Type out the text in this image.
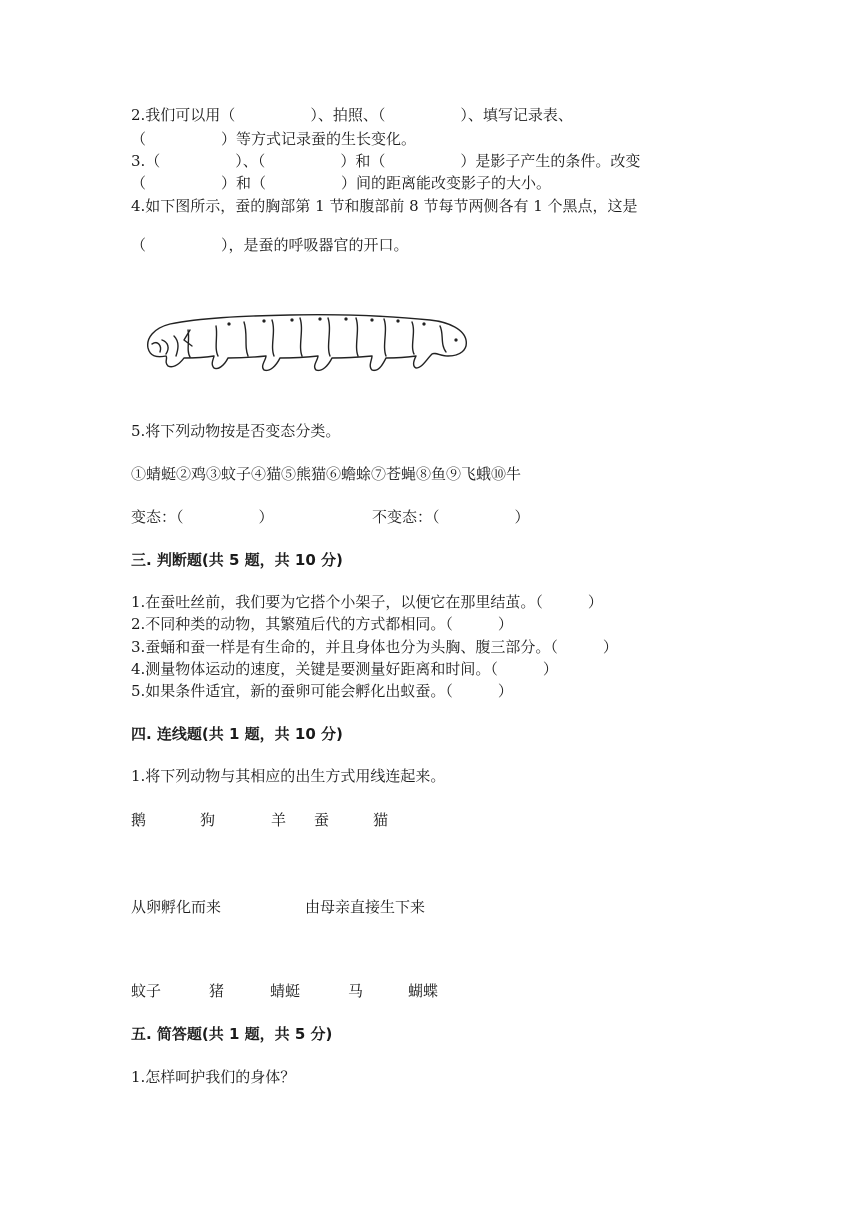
2.我们可以用（　　　　　）、拍照、（　　　　　）、填写记录表、
（　　　　　）等方式记录蚕的生长变化。
3.（　　　　　）、（　　　　　）和（　　　　　）是影子产生的条件。改变
（　　　　　）和（　　　　　）间的距离能改变影子的大小。
4.如下图所示，蚕的胸部第 1 节和腹部前 8 节每节两侧各有 1 个黑点，这是
（　　　　　），是蚕的呼吸器官的开口。
5.将下列动物按是否变态分类。
①蜻蜓②鸡③蚊子④猫⑤熊猫⑥蟾蜍⑦苍蝇⑧鱼⑨飞蛾⑩牛
变态：（　　　　　）	不变态：（　　　　　）
三. 判断题(共 5 题，共 10 分)
1.在蚕吐丝前，我们要为它搭个小架子，以便它在那里结茧。（　　　）
2.不同种类的动物，其繁殖后代的方式都相同。（　　　）
3.蚕蛹和蚕一样是有生命的，并且身体也分为头胸、腹三部分。（　　　）
4.测量物体运动的速度，关键是要测量好距离和时间。（　　　）
5.如果条件适宜，新的蚕卵可能会孵化出蚁蚕。（　　　）
四. 连线题(共 1 题，共 10 分)
1.将下列动物与其相应的出生方式用线连起来。
鹅	狗	羊 蚕	猫
从卵孵化而来	由母亲直接生下来
蚊子	猪	蜻蜓	马	蝴蝶
五. 简答题(共 1 题，共 5 分)
1.怎样呵护我们的身体？
